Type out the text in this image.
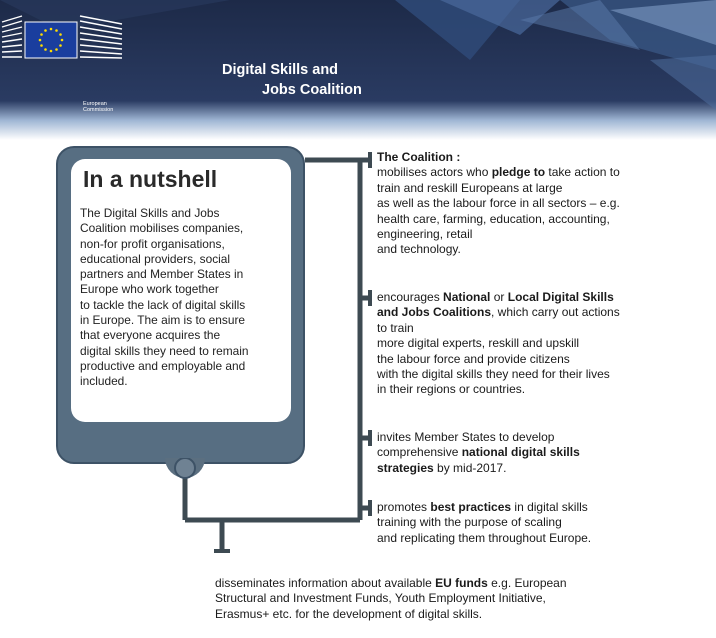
European
Commission
Digital Skills and
Jobs Coalition
In a nutshell
The Digital Skills and Jobs
Coalition mobilises companies,
non-for profit organisations,
educational providers, social
partners and Member States in
Europe who work together
to tackle the lack of digital skills
in Europe. The aim is to ensure
that everyone acquires the
digital skills they need to remain
productive and employable and
included.
The Coalition :
mobilises actors who pledge to take action to
train and reskill Europeans at large
as well as the labour force in all sectors – e.g.
health care, farming, education, accounting,
engineering, retail
and technology.
encourages National or Local Digital Skills
and Jobs Coalitions, which carry out actions
to train
more digital experts, reskill and upskill
the labour force and provide citizens
with the digital skills they need for their lives
in their regions or countries.
invites Member States to develop
comprehensive national digital skills
strategies by mid-2017.
promotes best practices in digital skills
training with the purpose of scaling
and replicating them throughout Europe.
disseminates information about available EU funds e.g. European
Structural and Investment Funds, Youth Employment Initiative,
Erasmus+ etc. for the development of digital skills.
